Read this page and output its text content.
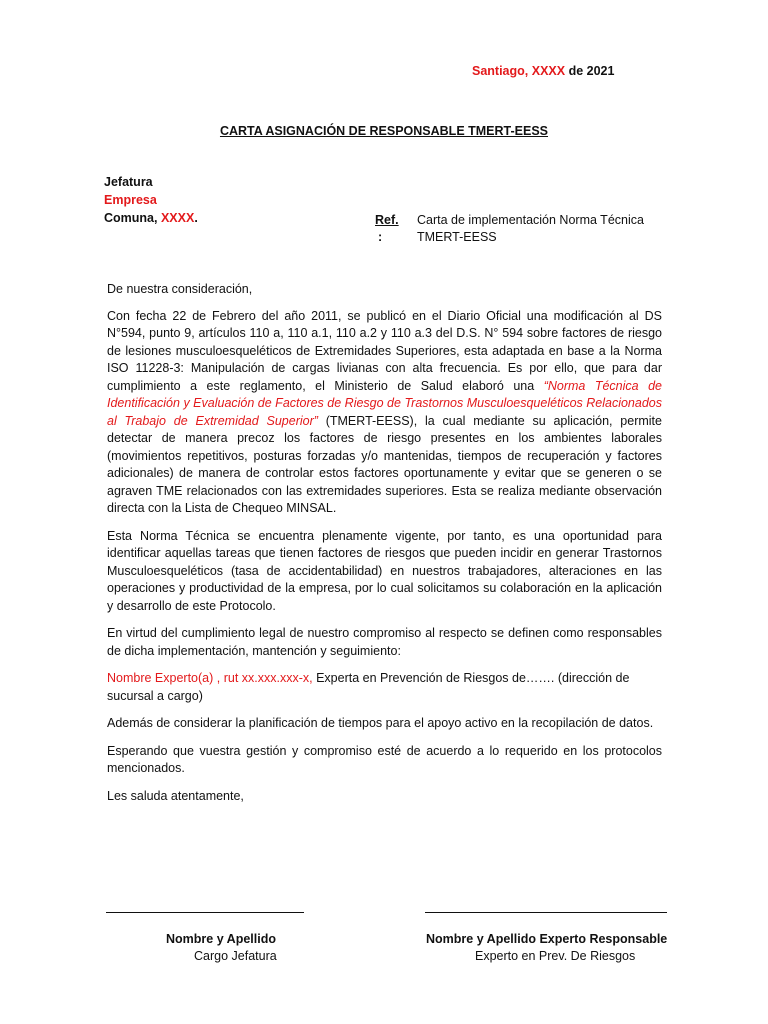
Santiago, XXXX de 2021
CARTA ASIGNACIÓN DE RESPONSABLE TMERT-EESS
Jefatura
Empresa
Comuna, XXXX.	Ref.
:
Carta de implementación Norma Técnica TMERT-EESS

De nuestra consideración,

Con fecha 22 de Febrero del año 2011, se publicó en el Diario Oficial una modificación al DS N°594, punto 9, artículos 110 a, 110 a.1, 110 a.2 y 110 a.3 del D.S. N° 594 sobre factores de riesgo de lesiones musculoesqueléticos de Extremidades Superiores, esta adaptada en base a la Norma ISO 11228-3: Manipulación de cargas livianas con alta frecuencia. Es por ello, que para dar cumplimiento a este reglamento, el Ministerio de Salud elaboró una “Norma Técnica de Identificación y Evaluación de Factores de Riesgo de Trastornos Musculoesqueléticos Relacionados al Trabajo de Extremidad Superior” (TMERT-EESS), la cual mediante su aplicación, permite detectar de manera precoz los factores de riesgo presentes en los ambientes laborales (movimientos repetitivos, posturas forzadas y/o mantenidas, tiempos de recuperación y factores adicionales) de manera de controlar estos factores oportunamente y evitar que se generen o se agraven TME relacionados con las extremidades superiores. Esta se realiza mediante observación directa con la Lista de Chequeo MINSAL.

Esta Norma Técnica se encuentra plenamente vigente, por tanto, es una oportunidad para identificar aquellas tareas que tienen factores de riesgos que pueden incidir en generar Trastornos Musculoesqueléticos (tasa de accidentabilidad) en nuestros trabajadores, alteraciones en las operaciones y productividad de la empresa, por lo cual solicitamos su colaboración en la aplicación y desarrollo de este Protocolo.

En virtud del cumplimiento legal de nuestro compromiso al respecto se definen como responsables de dicha implementación, mantención y seguimiento:

Nombre Experto(a) , rut xx.xxx.xxx-x, Experta en Prevención de Riesgos de……. (dirección de sucursal a cargo)

Además de considerar la planificación de tiempos para el apoyo activo en la recopilación de datos.

Esperando que vuestra gestión y compromiso esté de acuerdo a lo requerido en los protocolos mencionados.

Les saluda atentamente,

Nombre y Apellido
Cargo Jefatura
Nombre y Apellido Experto Responsable
Experto en Prev. De Riesgos
